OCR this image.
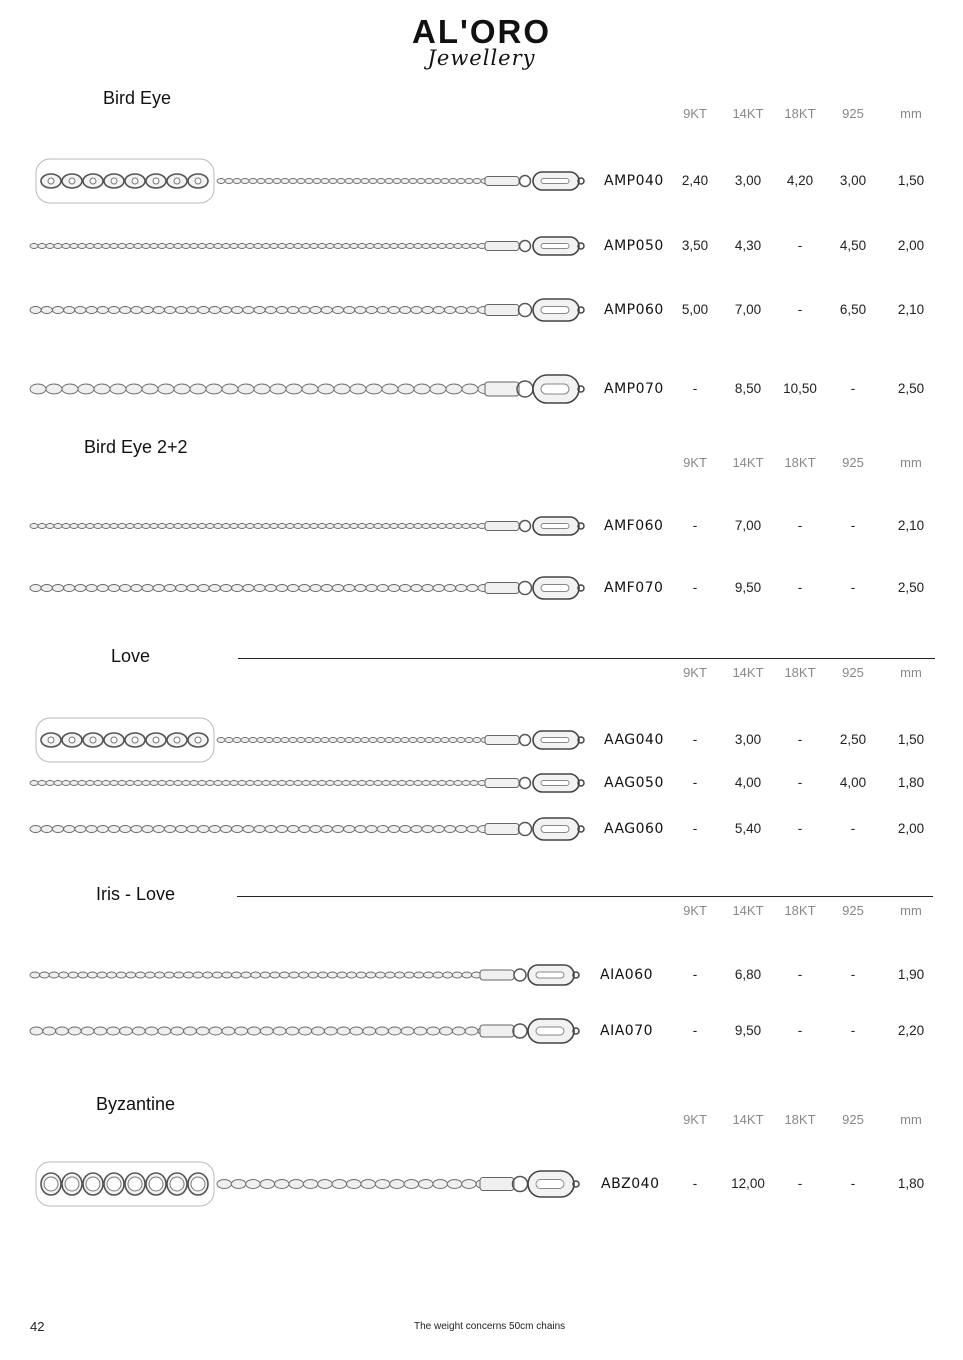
AL'ORO
Jewellery
Bird Eye
Bird Eye 2+2
Love
Iris - Love
Byzantine
9KT	14KT	18KT	925	mm
AMP040	2,40	3,00	4,20	3,00	1,50
AMP050	3,50	4,30	-	4,50	2,00
AMP060	5,00	7,00	-	6,50	2,10
AMP070	-	8,50	10,50	-	2,50
9KT	14KT	18KT	925	mm
AMF060	-	7,00	-	-	2,10
AMF070	-	9,50	-	-	2,50
9KT	14KT	18KT	925	mm
AAG040	-	3,00	-	2,50	1,50
AAG050	-	4,00	-	4,00	1,80
AAG060	-	5,40	-	-	2,00
9KT	14KT	18KT	925	mm
AIA060	-	6,80	-	-	1,90
AIA070	-	9,50	-	-	2,20
9KT	14KT	18KT	925	mm
ABZ040	-	12,00	-	-	1,80
42	The weight concerns 50cm chains
